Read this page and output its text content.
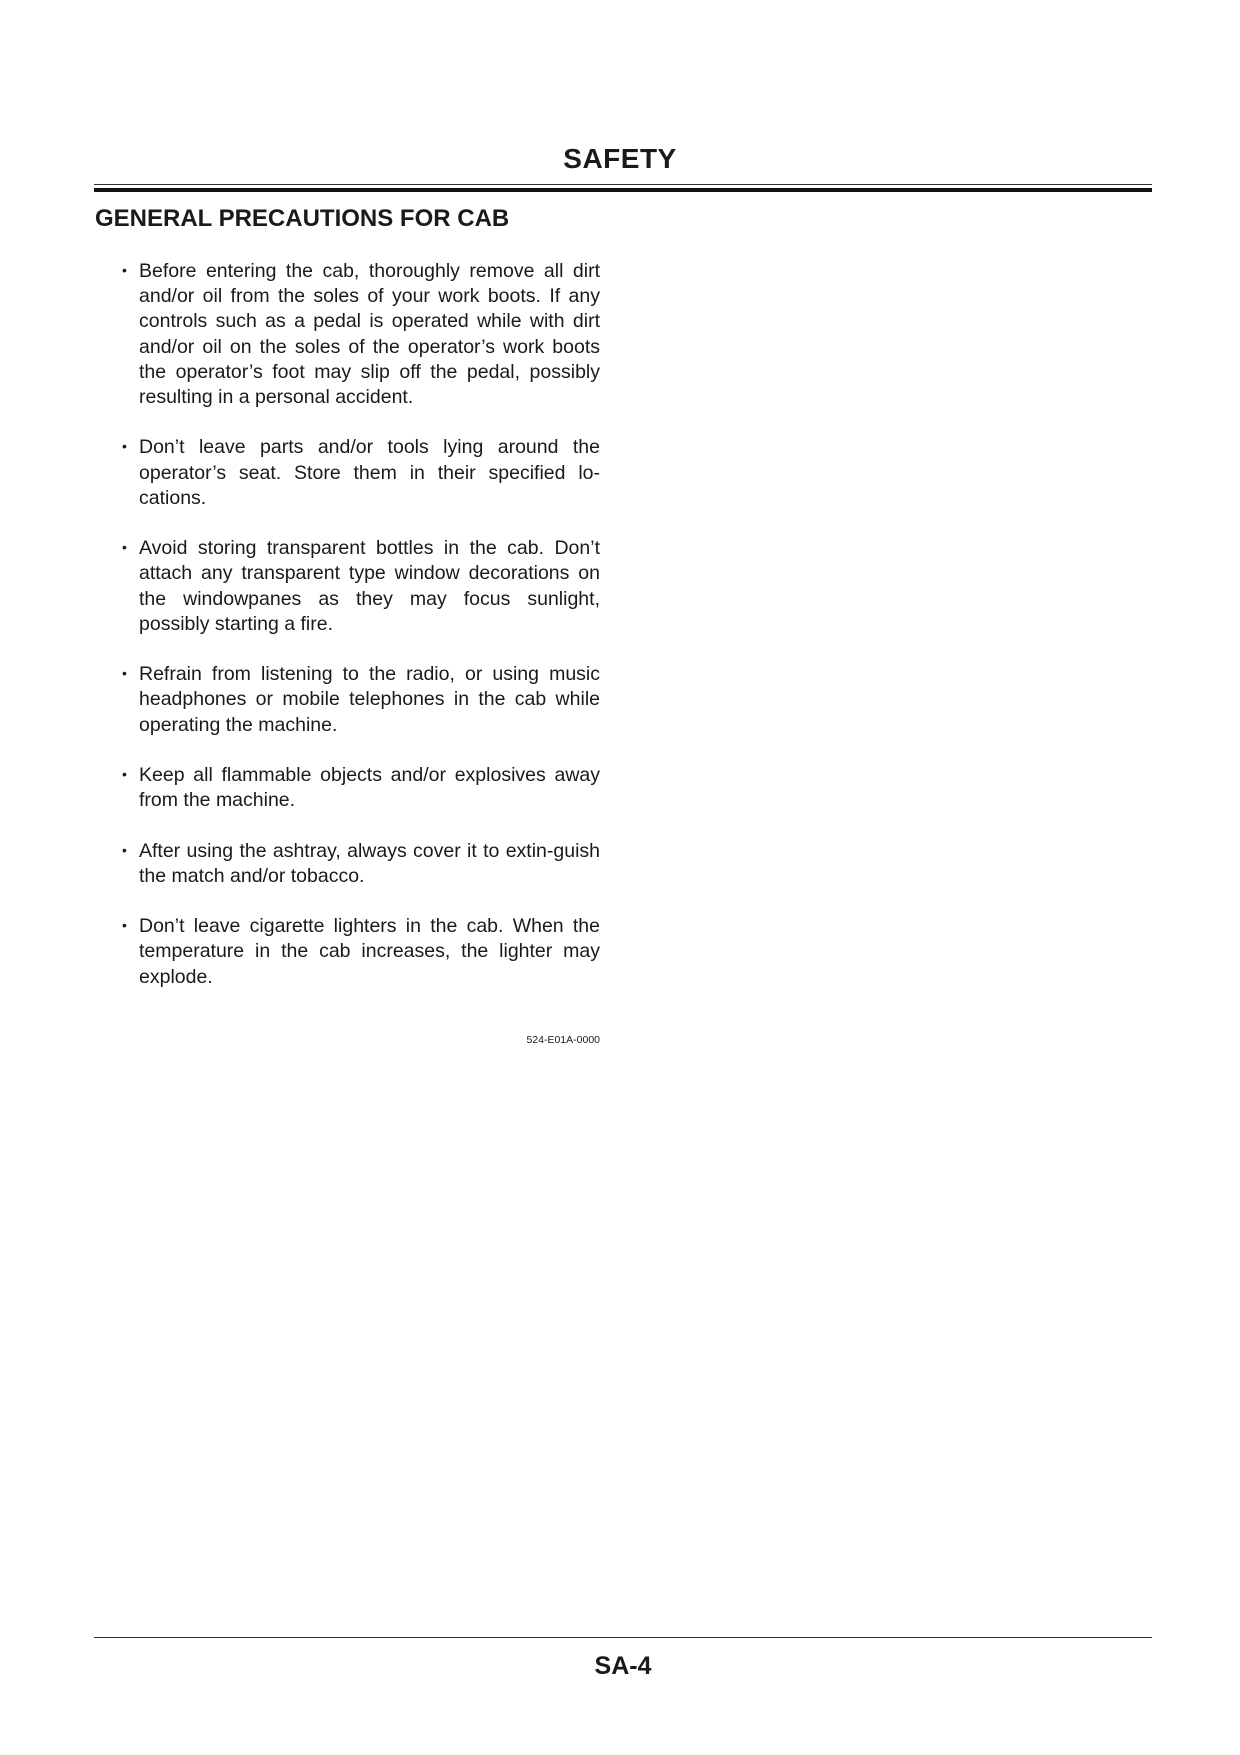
SAFETY
GENERAL PRECAUTIONS FOR CAB
• Before entering the cab, thoroughly remove all dirt and/or oil from the soles of your work boots. If any controls such as a pedal is operated while with dirt and/or oil on the soles of the operator’s work boots the operator’s foot may slip off the pedal, possibly resulting in a personal accident.
• Don’t leave parts and/or tools lying around the operator’s seat. Store them in their specified lo-cations.
• Avoid storing transparent bottles in the cab. Don’t attach any transparent type window decorations on the windowpanes as they may focus sunlight, possibly starting a fire.
• Refrain from listening to the radio, or using music headphones or mobile telephones in the cab while operating the machine.
• Keep all flammable objects and/or explosives away from the machine.
• After using the ashtray, always cover it to extin-guish the match and/or tobacco.
• Don’t leave cigarette lighters in the cab. When the temperature in the cab increases, the lighter may explode.
524-E01A-0000
SA-4
